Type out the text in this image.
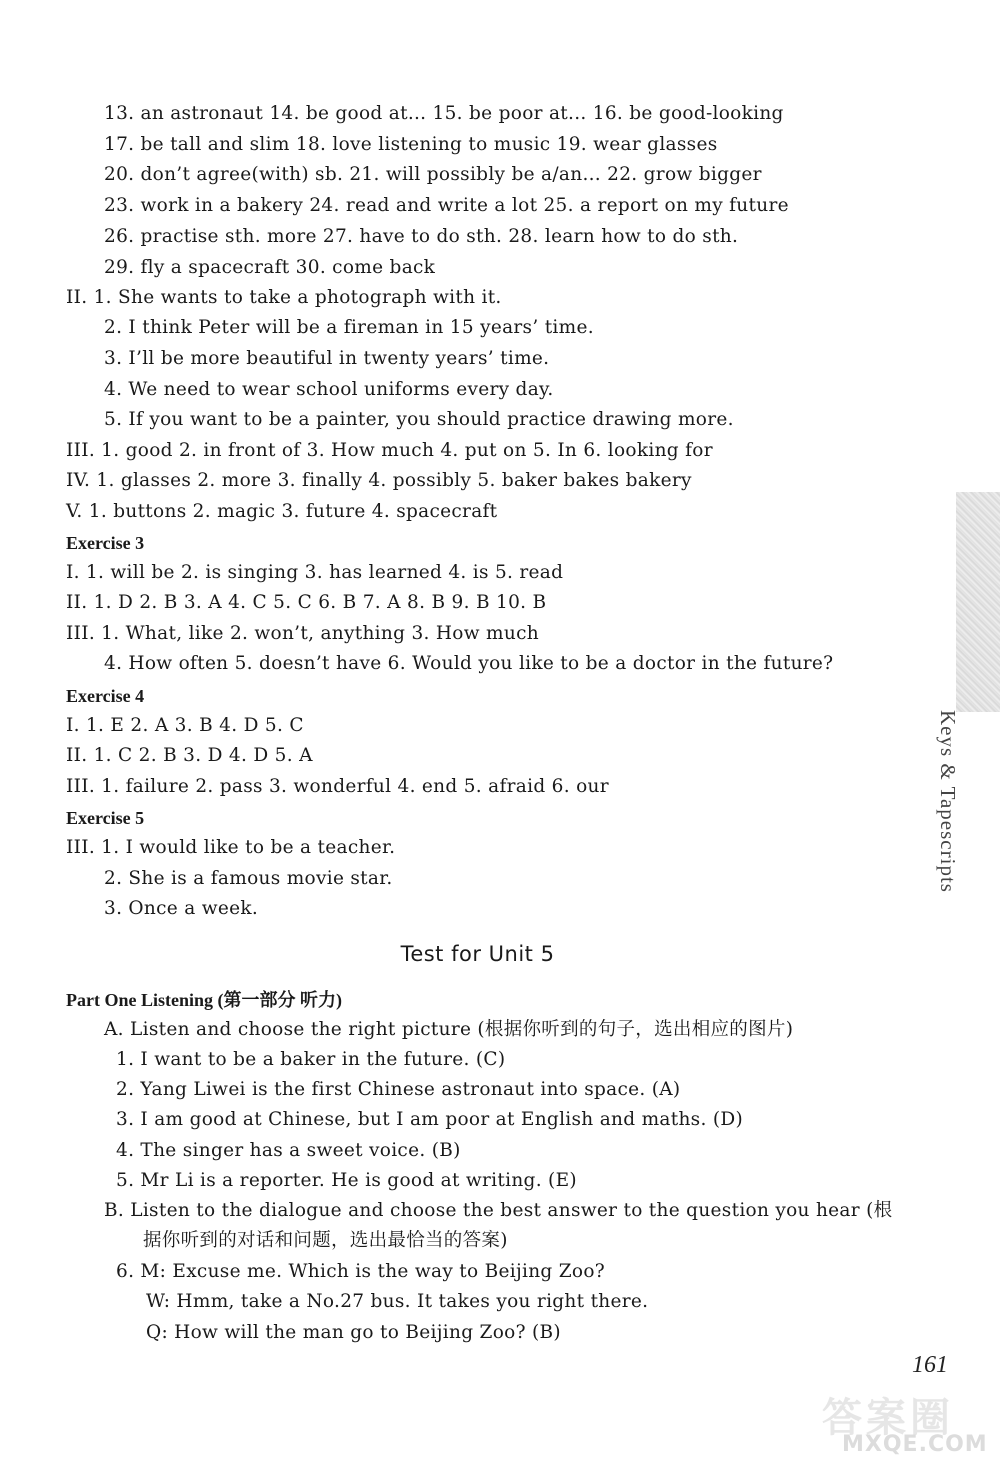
Keys & Tapescripts
13. an astronaut 14. be good at... 15. be poor at... 16. be good-looking
17. be tall and slim 18. love listening to music 19. wear glasses
20. don’t agree(with) sb. 21. will possibly be a/an... 22. grow bigger
23. work in a bakery 24. read and write a lot 25. a report on my future
26. practise sth. more 27. have to do sth. 28. learn how to do sth.
29. fly a spacecraft 30. come back
II. 1. She wants to take a photograph with it.
2. I think Peter will be a fireman in 15 years’ time.
3. I’ll be more beautiful in twenty years’ time.
4. We need to wear school uniforms every day.
5. If you want to be a painter, you should practice drawing more.
III. 1. good 2. in front of 3. How much 4. put on 5. In 6. looking for
IV. 1. glasses 2. more 3. finally 4. possibly 5. baker bakes bakery
V. 1. buttons 2. magic 3. future 4. spacecraft
Exercise 3
I. 1. will be 2. is singing 3. has learned 4. is 5. read
II. 1. D 2. B 3. A 4. C 5. C 6. B 7. A 8. B 9. B 10. B
III. 1. What, like 2. won’t, anything 3. How much
4. How often 5. doesn’t have 6. Would you like to be a doctor in the future?
Exercise 4
I. 1. E 2. A 3. B 4. D 5. C
II. 1. C 2. B 3. D 4. D 5. A
III. 1. failure 2. pass 3. wonderful 4. end 5. afraid 6. our
Exercise 5
III. 1. I would like to be a teacher.
2. She is a famous movie star.
3. Once a week.
Test for Unit 5
Part One Listening (第一部分 听力)
A. Listen and choose the right picture (根据你听到的句子，选出相应的图片)
1. I want to be a baker in the future. (C)
2. Yang Liwei is the first Chinese astronaut into space. (A)
3. I am good at Chinese, but I am poor at English and maths. (D)
4. The singer has a sweet voice. (B)
5. Mr Li is a reporter. He is good at writing. (E)
B. Listen to the dialogue and choose the best answer to the question you hear (根
据你听到的对话和问题，选出最恰当的答案)
6. M: Excuse me. Which is the way to Beijing Zoo?
W: Hmm, take a No.27 bus. It takes you right there.
Q: How will the man go to Beijing Zoo? (B)
161
答案圈
MXQE.COM
